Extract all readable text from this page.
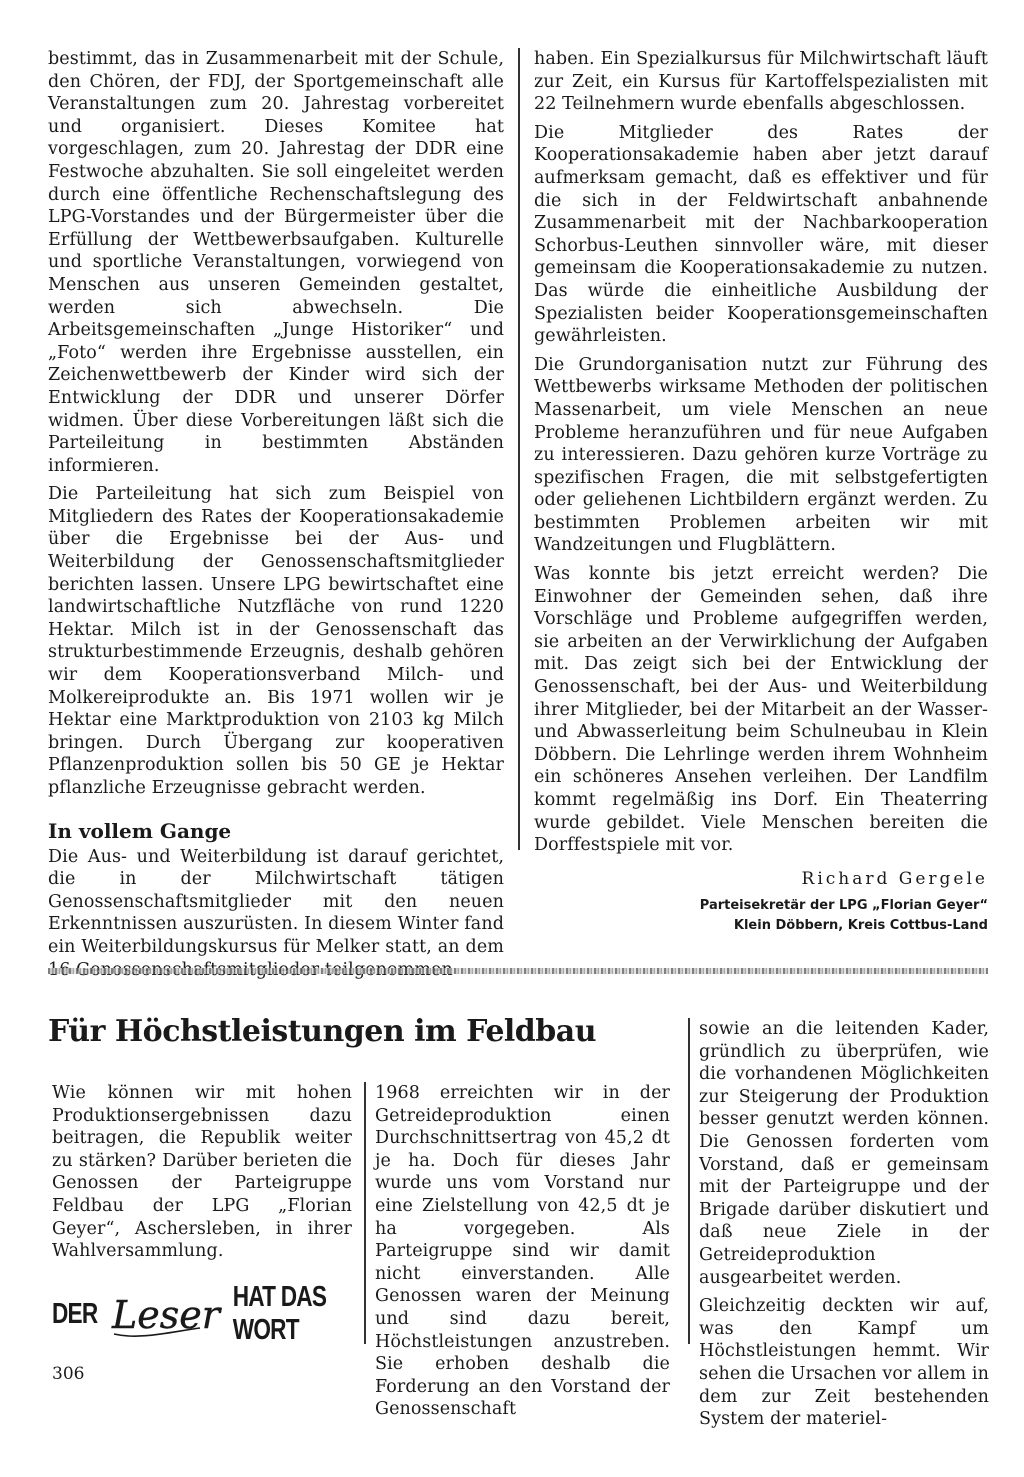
bestimmt, das in Zusammenarbeit mit der Schule, den Chören, der FDJ, der Sportgemeinschaft alle Veranstaltungen zum 20. Jahrestag vorbereitet und organisiert. Dieses Komitee hat vorgeschlagen, zum 20. Jahrestag der DDR eine Festwoche abzuhalten. Sie soll eingeleitet werden durch eine öffentliche Rechenschaftslegung des LPG-Vorstandes und der Bürgermeister über die Erfüllung der Wettbewerbsaufgaben. Kulturelle und sportliche Veranstaltungen, vorwiegend von Menschen aus unseren Gemeinden gestaltet, werden sich abwechseln. Die Arbeitsgemeinschaften „Junge Historiker“ und „Foto“ werden ihre Ergebnisse ausstellen, ein Zeichenwettbewerb der Kinder wird sich der Entwicklung der DDR und unserer Dörfer widmen. Über diese Vorbereitungen läßt sich die Parteileitung in bestimmten Abständen informieren.

Die Parteileitung hat sich zum Beispiel von Mitgliedern des Rates der Kooperationsakademie über die Ergebnisse bei der Aus- und Weiterbildung der Genossenschaftsmitglieder berichten lassen. Unsere LPG bewirtschaftet eine landwirtschaftliche Nutzfläche von rund 1220 Hektar. Milch ist in der Genossenschaft das strukturbestimmende Erzeugnis, deshalb gehören wir dem Kooperationsverband Milch- und Molkereiprodukte an. Bis 1971 wollen wir je Hektar eine Marktproduktion von 2103 kg Milch bringen. Durch Übergang zur kooperativen Pflanzenproduktion sollen bis 50 GE je Hektar pflanzliche Erzeugnisse gebracht werden.

In vollem Gange

Die Aus- und Weiterbildung ist darauf gerichtet, die in der Milchwirtschaft tätigen Genossenschaftsmitglieder mit den neuen Erkenntnissen auszurüsten. In diesem Winter fand ein Weiterbildungskursus für Melker statt, an dem

haben. Ein Spezialkursus für Milchwirtschaft läuft zur Zeit, ein Kursus für Kartoffelspezialisten mit 22 Teilnehmern wurde ebenfalls abgeschlossen.

Die Mitglieder des Rates der Kooperationsakademie haben aber jetzt darauf aufmerksam gemacht, daß es effektiver und für die sich in der Feldwirtschaft anbahnende Zusammenarbeit mit der Nachbarkooperation Schorbus-Leuthen sinnvoller wäre, mit dieser gemeinsam die Kooperationsakademie zu nutzen. Das würde die einheitliche Ausbildung der Spezialisten beider Kooperationsgemeinschaften gewährleisten.

Die Grundorganisation nutzt zur Führung des Wettbewerbs wirksame Methoden der politischen Massenarbeit, um viele Menschen an neue Probleme heranzuführen und für neue Aufgaben zu interessieren. Dazu gehören kurze Vorträge zu spezifischen Fragen, die mit selbstgefertigten oder geliehenen Lichtbildern ergänzt werden. Zu bestimmten Problemen arbeiten wir mit Wandzeitungen und Flugblättern.

Was konnte bis jetzt erreicht werden? Die Einwohner der Gemeinden sehen, daß ihre Vorschläge und Probleme aufgegriffen werden, sie arbeiten an der Verwirklichung der Aufgaben mit. Das zeigt sich bei der Entwicklung der Genossenschaft, bei der Aus- und Weiterbildung ihrer Mitglieder, bei der Mitarbeit an der Wasser- und Abwasserleitung beim Schulneubau in Klein Döbbern. Die Lehrlinge werden ihrem Wohnheim ein schöneres Ansehen verleihen. Der Landfilm kommt regelmäßig ins Dorf. Ein Theaterring wurde gebildet. Viele Menschen bereiten die Dorffestspiele mit vor.

Richard Gergele

Parteisekretär der LPG „Florian Geyer“
Klein Döbbern, Kreis Cottbus-Land
Für Höchstleistungen im Feldbau

Wie können wir mit hohen Produktionsergebnissen dazu beitragen, die Republik weiter zu stärken? Darüber berieten die Genossen der Parteigruppe Feldbau der LPG „Florian Geyer“, Aschersleben, in ihrer Wahlversammlung.

1968 erreichten wir in der Getreideproduktion einen Durchschnittsertrag von 45,2 dt je ha. Doch für dieses Jahr wurde uns vom Vorstand nur eine Zielstellung von 42,5 dt je ha vorgegeben. Als Parteigruppe sind wir damit nicht einverstanden. Alle Genossen waren der Meinung und sind dazu bereit, Höchstleistungen anzustreben. Sie erhoben deshalb die Forderung an den Vorstand der Genossenschaft

sowie an die leitenden Kader, gründlich zu überprüfen, wie die vorhandenen Möglichkeiten zur Steigerung der Produktion besser genutzt werden können. Die Genossen forderten vom Vorstand, daß er gemeinsam mit der Parteigruppe und der Brigade darüber diskutiert und daß neue Ziele in der Getreideproduktion ausgearbeitet werden.

Gleichzeitig deckten wir auf, was den Kampf um Höchstleistungen hemmt. Wir sehen die Ursachen vor allem in dem zur Zeit bestehenden System der materiel-

DER Leser HAT DAS WORT

306
